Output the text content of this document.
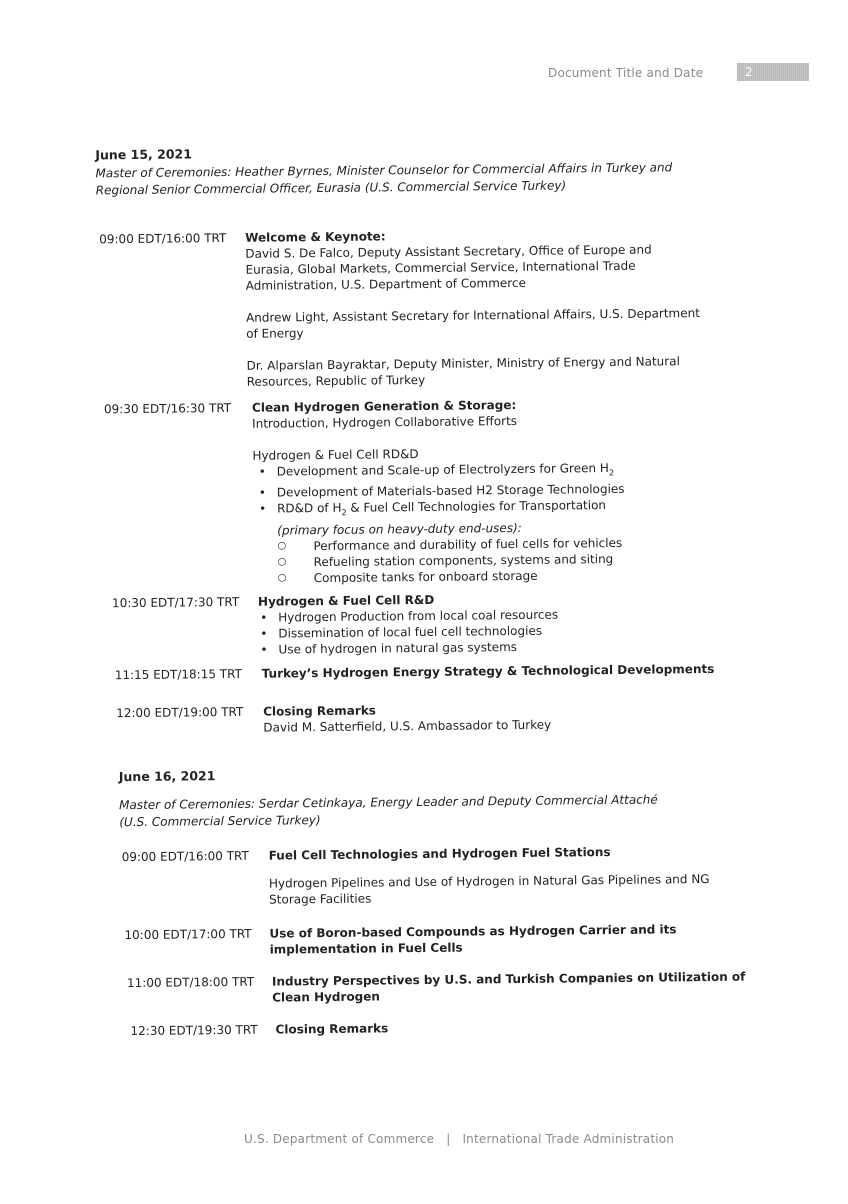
Document Title and Date	2
June 15, 2021
Master of Ceremonies: Heather Byrnes, Minister Counselor for Commercial Affairs in Turkey and
Regional Senior Commercial Officer, Eurasia (U.S. Commercial Service Turkey)
09:00 EDT/16:00 TRT Welcome & Keynote:
David S. De Falco, Deputy Assistant Secretary, Office of Europe and
Eurasia, Global Markets, Commercial Service, International Trade
Administration, U.S. Department of Commerce
Andrew Light, Assistant Secretary for International Affairs, U.S. Department
of Energy
Dr. Alparslan Bayraktar, Deputy Minister, Ministry of Energy and Natural
Resources, Republic of Turkey
09:30 EDT/16:30 TRT Clean Hydrogen Generation & Storage:
Introduction, Hydrogen Collaborative Efforts
Hydrogen & Fuel Cell RD&D
• Development and Scale-up of Electrolyzers for Green $H_2$
• Development of Materials-based H2 Storage Technologies
• RD&D of $H_2$ & Fuel Cell Technologies for Transportation
(primary focus on heavy-duty end-uses):
○ Performance and durability of fuel cells for vehicles
○ Refueling station components, systems and siting
○ Composite tanks for onboard storage
10:30 EDT/17:30 TRT Hydrogen & Fuel Cell R&D
• Hydrogen Production from local coal resources
• Dissemination of local fuel cell technologies
• Use of hydrogen in natural gas systems
11:15 EDT/18:15 TRT Turkey’s Hydrogen Energy Strategy & Technological Developments
12:00 EDT/19:00 TRT Closing Remarks
David M. Satterfield, U.S. Ambassador to Turkey
June 16, 2021
Master of Ceremonies: Serdar Cetinkaya, Energy Leader and Deputy Commercial Attaché
(U.S. Commercial Service Turkey)
09:00 EDT/16:00 TRT Fuel Cell Technologies and Hydrogen Fuel Stations
Hydrogen Pipelines and Use of Hydrogen in Natural Gas Pipelines and NG
Storage Facilities
10:00 EDT/17:00 TRT Use of Boron-based Compounds as Hydrogen Carrier and its
implementation in Fuel Cells
11:00 EDT/18:00 TRT Industry Perspectives by U.S. and Turkish Companies on Utilization of
Clean Hydrogen
12:30 EDT/19:30 TRT Closing Remarks
U.S. Department of Commerce | International Trade Administration
